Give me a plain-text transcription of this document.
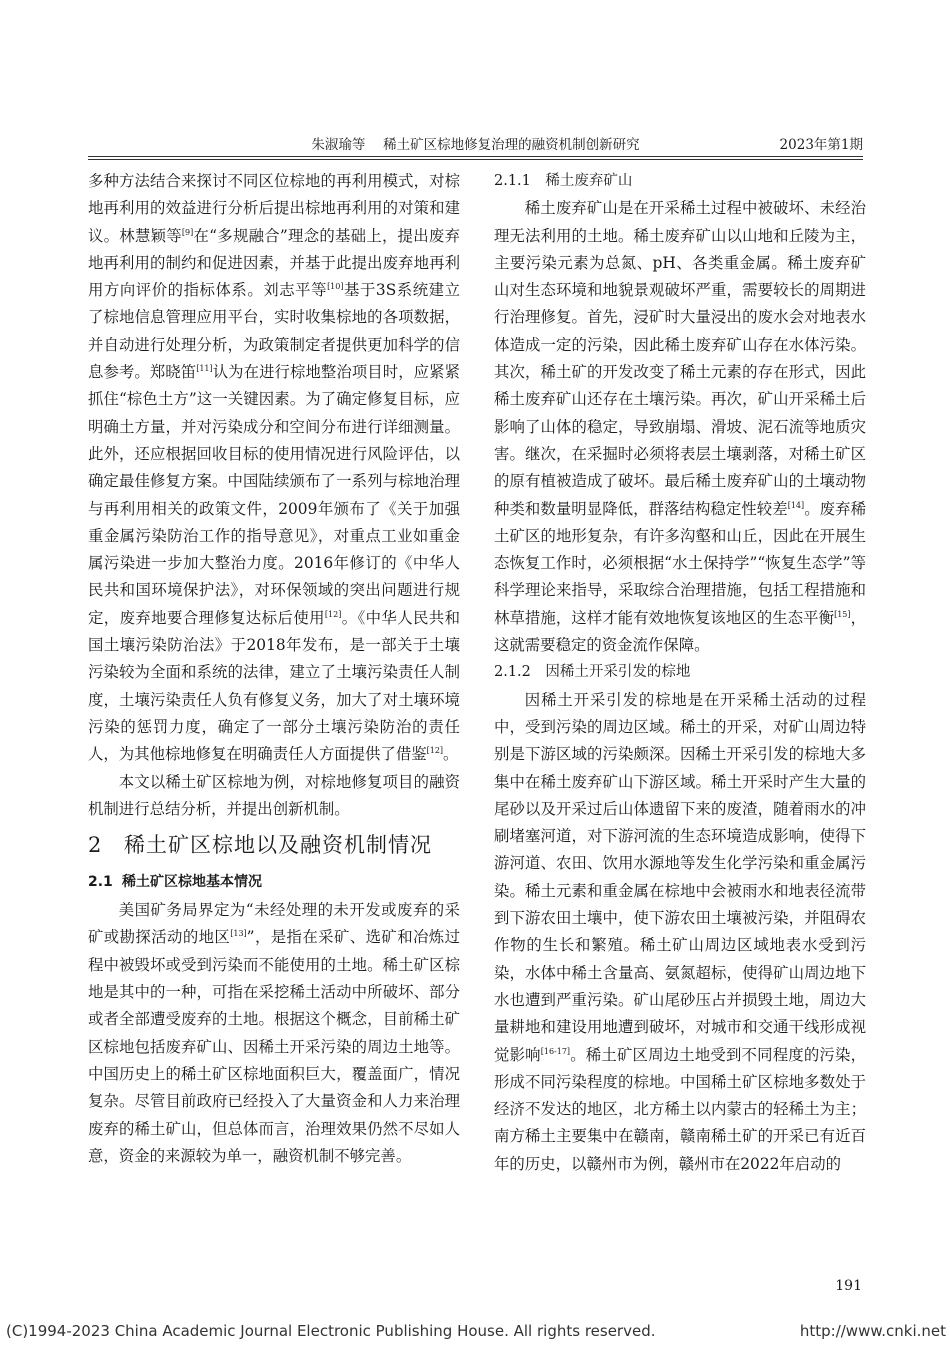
朱淑瑜等　 稀土矿区棕地修复治理的融资机制创新研究	2023年第1期

多种方法结合来探讨不同区位棕地的再利用模式，对棕地再利用的效益进行分析后提出棕地再利用的对策和建议。林慧颖等[9]在“多规融合”理念的基础上，提出废弃地再利用的制约和促进因素，并基于此提出废弃地再利用方向评价的指标体系。刘志平等[10]基于3S系统建立了棕地信息管理应用平台，实时收集棕地的各项数据，并自动进行处理分析，为政策制定者提供更加科学的信息参考。郑晓笛[11]认为在进行棕地整治项目时，应紧紧抓住“棕色土方”这一关键因素。为了确定修复目标，应明确土方量，并对污染成分和空间分布进行详细测量。此外，还应根据回收目标的使用情况进行风险评估，以确定最佳修复方案。中国陆续颁布了一系列与棕地治理与再利用相关的政策文件，2009年颁布了《关于加强重金属污染防治工作的指导意见》，对重点工业如重金属污染进一步加大整治力度。2016年修订的《中华人民共和国环境保护法》，对环保领域的突出问题进行规定，废弃地要合理修复达标后使用[12]。《中华人民共和国土壤污染防治法》于2018年发布，是一部关于土壤污染较为全面和系统的法律，建立了土壤污染责任人制度，土壤污染责任人负有修复义务，加大了对土壤环境污染的惩罚力度，确定了一部分土壤污染防治的责任人，为其他棕地修复在明确责任人方面提供了借鉴[12]。

本文以稀土矿区棕地为例，对棕地修复项目的融资机制进行总结分析，并提出创新机制。

2 稀土矿区棕地以及融资机制情况
2.1 稀土矿区棕地基本情况

美国矿务局界定为“未经处理的未开发或废弃的采矿或勘探活动的地区[13]”，是指在采矿、选矿和冶炼过程中被毁坏或受到污染而不能使用的土地。稀土矿区棕地是其中的一种，可指在采挖稀土活动中所破坏、部分或者全部遭受废弃的土地。根据这个概念，目前稀土矿区棕地包括废弃矿山、因稀土开采污染的周边土地等。中国历史上的稀土矿区棕地面积巨大，覆盖面广，情况复杂。尽管目前政府已经投入了大量资金和人力来治理废弃的稀土矿山，但总体而言，治理效果仍然不尽如人意，资金的来源较为单一，融资机制不够完善。

2.1.1　 稀土废弃矿山

稀土废弃矿山是在开采稀土过程中被破坏、未经治理无法利用的土地。稀土废弃矿山以山地和丘陵为主，主要污染元素为总氮、pH、各类重金属。稀土废弃矿山对生态环境和地貌景观破坏严重，需要较长的周期进行治理修复。首先，浸矿时大量浸出的废水会对地表水体造成一定的污染，因此稀土废弃矿山存在水体污染。其次，稀土矿的开发改变了稀土元素的存在形式，因此稀土废弃矿山还存在土壤污染。再次，矿山开采稀土后影响了山体的稳定，导致崩塌、滑坡、泥石流等地质灾害。继次，在采掘时必须将表层土壤剥落，对稀土矿区的原有植被造成了破坏。最后稀土废弃矿山的土壤动物种类和数量明显降低，群落结构稳定性较差[14]。废弃稀土矿区的地形复杂，有许多沟壑和山丘，因此在开展生态恢复工作时，必须根据“水土保持学”“恢复生态学”等科学理论来指导，采取综合治理措施，包括工程措施和林草措施，这样才能有效地恢复该地区的生态平衡[15]，这就需要稳定的资金流作保障。

2.1.2　 因稀土开采引发的棕地

因稀土开采引发的棕地是在开采稀土活动的过程中，受到污染的周边区域。稀土的开采，对矿山周边特别是下游区域的污染颇深。因稀土开采引发的棕地大多集中在稀土废弃矿山下游区域。稀土开采时产生大量的尾砂以及开采过后山体遗留下来的废渣，随着雨水的冲刷堵塞河道，对下游河流的生态环境造成影响，使得下游河道、农田、饮用水源地等发生化学污染和重金属污染。稀土元素和重金属在棕地中会被雨水和地表径流带到下游农田土壤中，使下游农田土壤被污染，并阻碍农作物的生长和繁殖。稀土矿山周边区域地表水受到污染，水体中稀土含量高、氨氮超标，使得矿山周边地下水也遭到严重污染。矿山尾砂压占并损毁土地，周边大量耕地和建设用地遭到破坏，对城市和交通干线形成视觉影响[16-17]。稀土矿区周边土地受到不同程度的污染，形成不同污染程度的棕地。中国稀土矿区棕地多数处于经济不发达的地区，北方稀土以内蒙古的轻稀土为主；南方稀土主要集中在赣南，赣南稀土矿的开采已有近百年的历史，以赣州市为例，赣州市在2022年启动的

191
(C)1994-2023 China Academic Journal Electronic Publishing House. All rights reserved.	http://www.cnki.net
